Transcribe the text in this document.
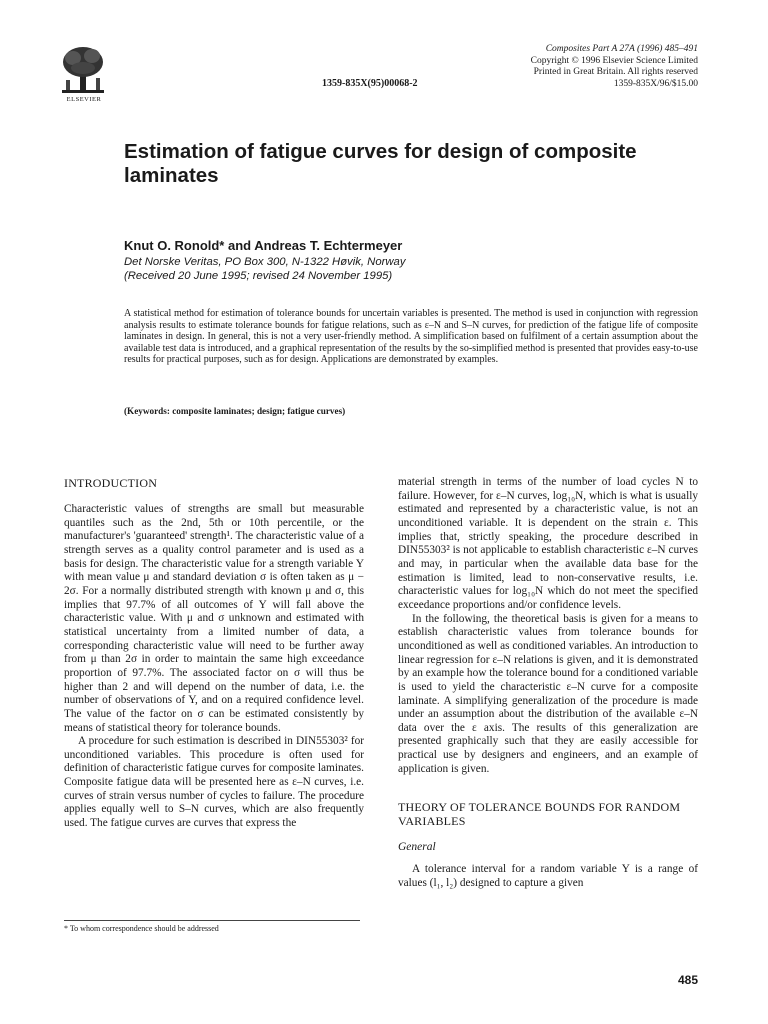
ELSEVIER
1359-835X(95)00068-2
Composites Part A 27A (1996) 485–491
Copyright © 1996 Elsevier Science Limited
Printed in Great Britain. All rights reserved
1359-835X/96/$15.00
Estimation of fatigue curves for design of composite laminates
Knut O. Ronold* and Andreas T. Echtermeyer
Det Norske Veritas, PO Box 300, N-1322 Høvik, Norway
(Received 20 June 1995; revised 24 November 1995)

A statistical method for estimation of tolerance bounds for uncertain variables is presented. The method is used in conjunction with regression analysis results to estimate tolerance bounds for fatigue relations, such as ε–N and S–N curves, for prediction of the fatigue life of composite laminates in design. In general, this is not a very user-friendly method. A simplification based on fulfilment of a certain assumption about the available test data is introduced, and a graphical representation of the results by the so-simplified method is presented that provides easy-to-use results for practical purposes, such as for design. Applications are demonstrated by examples.

(Keywords: composite laminates; design; fatigue curves)
INTRODUCTION

Characteristic values of strengths are small but measurable quantiles such as the 2nd, 5th or 10th percentile, or the manufacturer's 'guaranteed' strength¹. The characteristic value of a strength serves as a quality control parameter and is used as a basis for design. The characteristic value for a strength variable Y with mean value μ and standard deviation σ is often taken as μ − 2σ. For a normally distributed strength with known μ and σ, this implies that 97.7% of all outcomes of Y will fall above the characteristic value. With μ and σ unknown and estimated with statistical uncertainty from a limited number of data, a corresponding characteristic value will need to be further away from μ than 2σ in order to maintain the same high exceedance proportion of 97.7%. The associated factor on σ will thus be higher than 2 and will depend on the number of data, i.e. the number of observations of Y, and on a required confidence level. The value of the factor on σ can be estimated consistently by means of statistical theory for tolerance bounds.

A procedure for such estimation is described in DIN55303² for unconditioned variables. This procedure is often used for definition of characteristic fatigue curves for composite laminates. Composite fatigue data will be presented here as ε–N curves, i.e. curves of strain versus number of cycles to failure. The procedure applies equally well to S–N curves, which are also frequently used. The fatigue curves are curves that express the

material strength in terms of the number of load cycles N to failure. However, for ε–N curves, log₁₀N, which is what is usually estimated and represented by a characteristic value, is not an unconditioned variable. It is dependent on the strain ε. This implies that, strictly speaking, the procedure described in DIN55303² is not applicable to establish characteristic ε–N curves and may, in particular when the available data base for the estimation is limited, lead to non-conservative results, i.e. characteristic values for log₁₀N which do not meet the specified exceedance proportions and/or confidence levels.

In the following, the theoretical basis is given for a means to establish characteristic values from tolerance bounds for unconditioned as well as conditioned variables. An introduction to linear regression for ε–N relations is given, and it is demonstrated by an example how the tolerance bound for a conditioned variable is used to yield the characteristic ε–N curve for a composite laminate. A simplifying generalization of the procedure is made under an assumption about the distribution of the available ε–N data over the ε axis. The results of this generalization are presented graphically such that they are easily accessible for practical use by designers and engineers, and an example of application is given.

THEORY OF TOLERANCE BOUNDS FOR RANDOM VARIABLES
General

A tolerance interval for a random variable Y is a range of values (l₁, l₂) designed to capture a given

* To whom correspondence should be addressed
485
